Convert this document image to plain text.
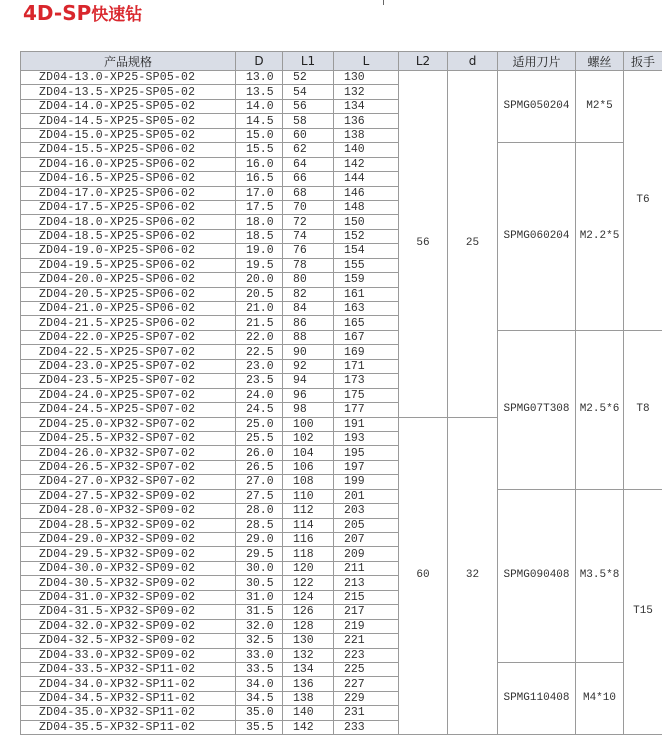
4D-SP快速钻
产品规格	D	L1	L	L2	d	适用刀片	螺丝	扳手
ZD04-13.0-XP25-SP05-02	13.0	52	130	56	25	SPMG050204	M2*5	T6
ZD04-13.5-XP25-SP05-02	13.5	54	132					
ZD04-14.0-XP25-SP05-02	14.0	56	134					
ZD04-14.5-XP25-SP05-02	14.5	58	136					
ZD04-15.0-XP25-SP05-02	15.0	60	138					
ZD04-15.5-XP25-SP06-02	15.5	62	140			SPMG060204	M2.2*5	
ZD04-16.0-XP25-SP06-02	16.0	64	142					
ZD04-16.5-XP25-SP06-02	16.5	66	144					
ZD04-17.0-XP25-SP06-02	17.0	68	146					
ZD04-17.5-XP25-SP06-02	17.5	70	148					
ZD04-18.0-XP25-SP06-02	18.0	72	150					
ZD04-18.5-XP25-SP06-02	18.5	74	152					
ZD04-19.0-XP25-SP06-02	19.0	76	154					
ZD04-19.5-XP25-SP06-02	19.5	78	155					
ZD04-20.0-XP25-SP06-02	20.0	80	159					
ZD04-20.5-XP25-SP06-02	20.5	82	161					
ZD04-21.0-XP25-SP06-02	21.0	84	163					
ZD04-21.5-XP25-SP06-02	21.5	86	165					
ZD04-22.0-XP25-SP07-02	22.0	88	167			SPMG07T308	M2.5*6	T8
ZD04-22.5-XP25-SP07-02	22.5	90	169					
ZD04-23.0-XP25-SP07-02	23.0	92	171					
ZD04-23.5-XP25-SP07-02	23.5	94	173					
ZD04-24.0-XP25-SP07-02	24.0	96	175					
ZD04-24.5-XP25-SP07-02	24.5	98	177					
ZD04-25.0-XP32-SP07-02	25.0	100	191	60	32			
ZD04-25.5-XP32-SP07-02	25.5	102	193					
ZD04-26.0-XP32-SP07-02	26.0	104	195					
ZD04-26.5-XP32-SP07-02	26.5	106	197					
ZD04-27.0-XP32-SP07-02	27.0	108	199					
ZD04-27.5-XP32-SP09-02	27.5	110	201			SPMG090408	M3.5*8	T15
ZD04-28.0-XP32-SP09-02	28.0	112	203					
ZD04-28.5-XP32-SP09-02	28.5	114	205					
ZD04-29.0-XP32-SP09-02	29.0	116	207					
ZD04-29.5-XP32-SP09-02	29.5	118	209					
ZD04-30.0-XP32-SP09-02	30.0	120	211					
ZD04-30.5-XP32-SP09-02	30.5	122	213					
ZD04-31.0-XP32-SP09-02	31.0	124	215					
ZD04-31.5-XP32-SP09-02	31.5	126	217					
ZD04-32.0-XP32-SP09-02	32.0	128	219					
ZD04-32.5-XP32-SP09-02	32.5	130	221					
ZD04-33.0-XP32-SP09-02	33.0	132	223					
ZD04-33.5-XP32-SP11-02	33.5	134	225			SPMG110408	M4*10	
ZD04-34.0-XP32-SP11-02	34.0	136	227					
ZD04-34.5-XP32-SP11-02	34.5	138	229					
ZD04-35.0-XP32-SP11-02	35.0	140	231					
ZD04-35.5-XP32-SP11-02	35.5	142	233					
